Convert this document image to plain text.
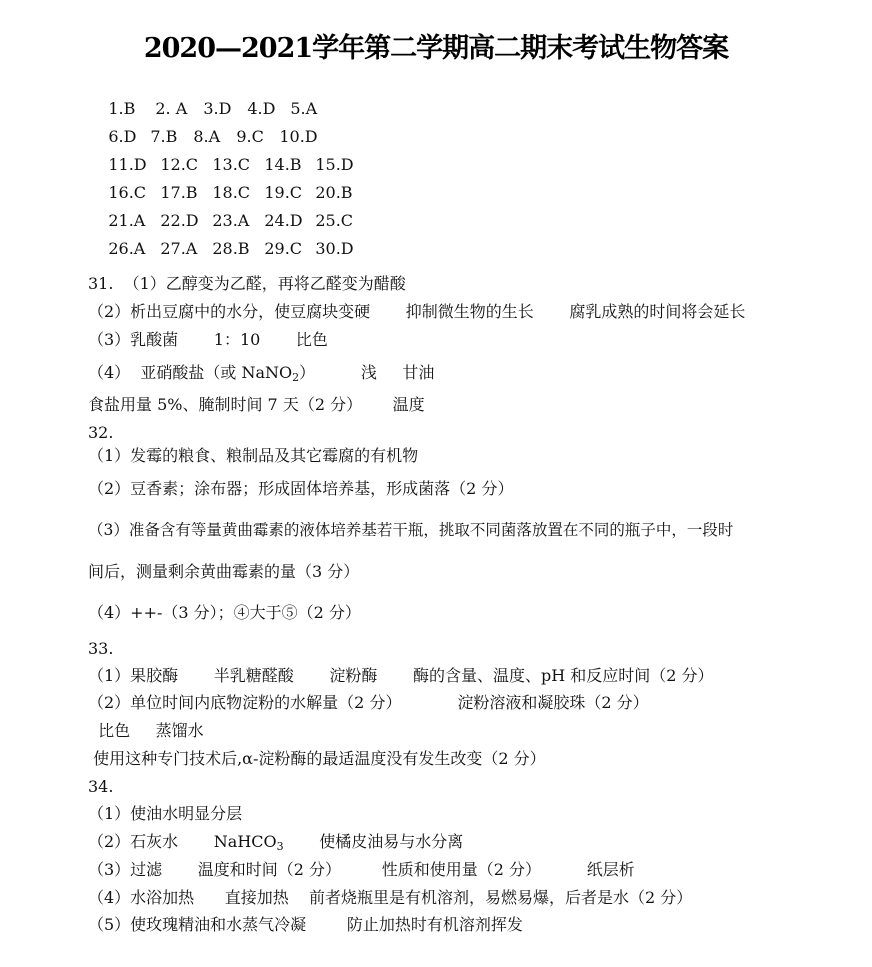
2020—2021学年第二学期高二期末考试生物答案

1.B 2. A 3.D 4.D 5.A

6.D 7.B 8.A 9.C 10.D

11.D 12.C 13.C 14.B 15.D

16.C 17.B 18.C 19.C 20.B

21.A 22.D 23.A 24.D 25.C

26.A 27.A 28.B 29.C 30.D

31.  （1）乙醇变为乙醛，再将乙醛变为醋酸
（2）析出豆腐中的水分，使豆腐块变硬       抑制微生物的生长       腐乳成熟的时间将会延长
（3）乳酸菌       1：10       比色
（4）  亚硝酸盐（或 NaNO$_2$）         浅     甘油
食盐用量 5%、腌制时间 7 天（2 分）      温度
32.
（1）发霉的粮食、粮制品及其它霉腐的有机物
（2）豆香素；涂布器；形成固体培养基，形成菌落（2 分）
（3）准备含有等量黄曲霉素的液体培养基若干瓶，挑取不同菌落放置在不同的瓶子中，一段时
间后，测量剩余黄曲霉素的量（3 分）
（4）++-（3 分）；④大于⑤（2 分）
33.
（1）果胶酶       半乳糖醛酸       淀粉酶       酶的含量、温度、pH 和反应时间（2 分）
（2）单位时间内底物淀粉的水解量（2 分）           淀粉溶液和凝胶珠（2 分）
比色     蒸馏水
使用这种专门技术后,α-淀粉酶的最适温度没有发生改变（2 分）
34.
（1）使油水明显分层
（2）石灰水       NaHCO$_3$       使橘皮油易与水分离
（3）过滤       温度和时间（2 分）        性质和使用量（2 分）         纸层析
（4）水浴加热      直接加热    前者烧瓶里是有机溶剂，易燃易爆，后者是水（2 分）
（5）使玫瑰精油和水蒸气冷凝        防止加热时有机溶剂挥发
